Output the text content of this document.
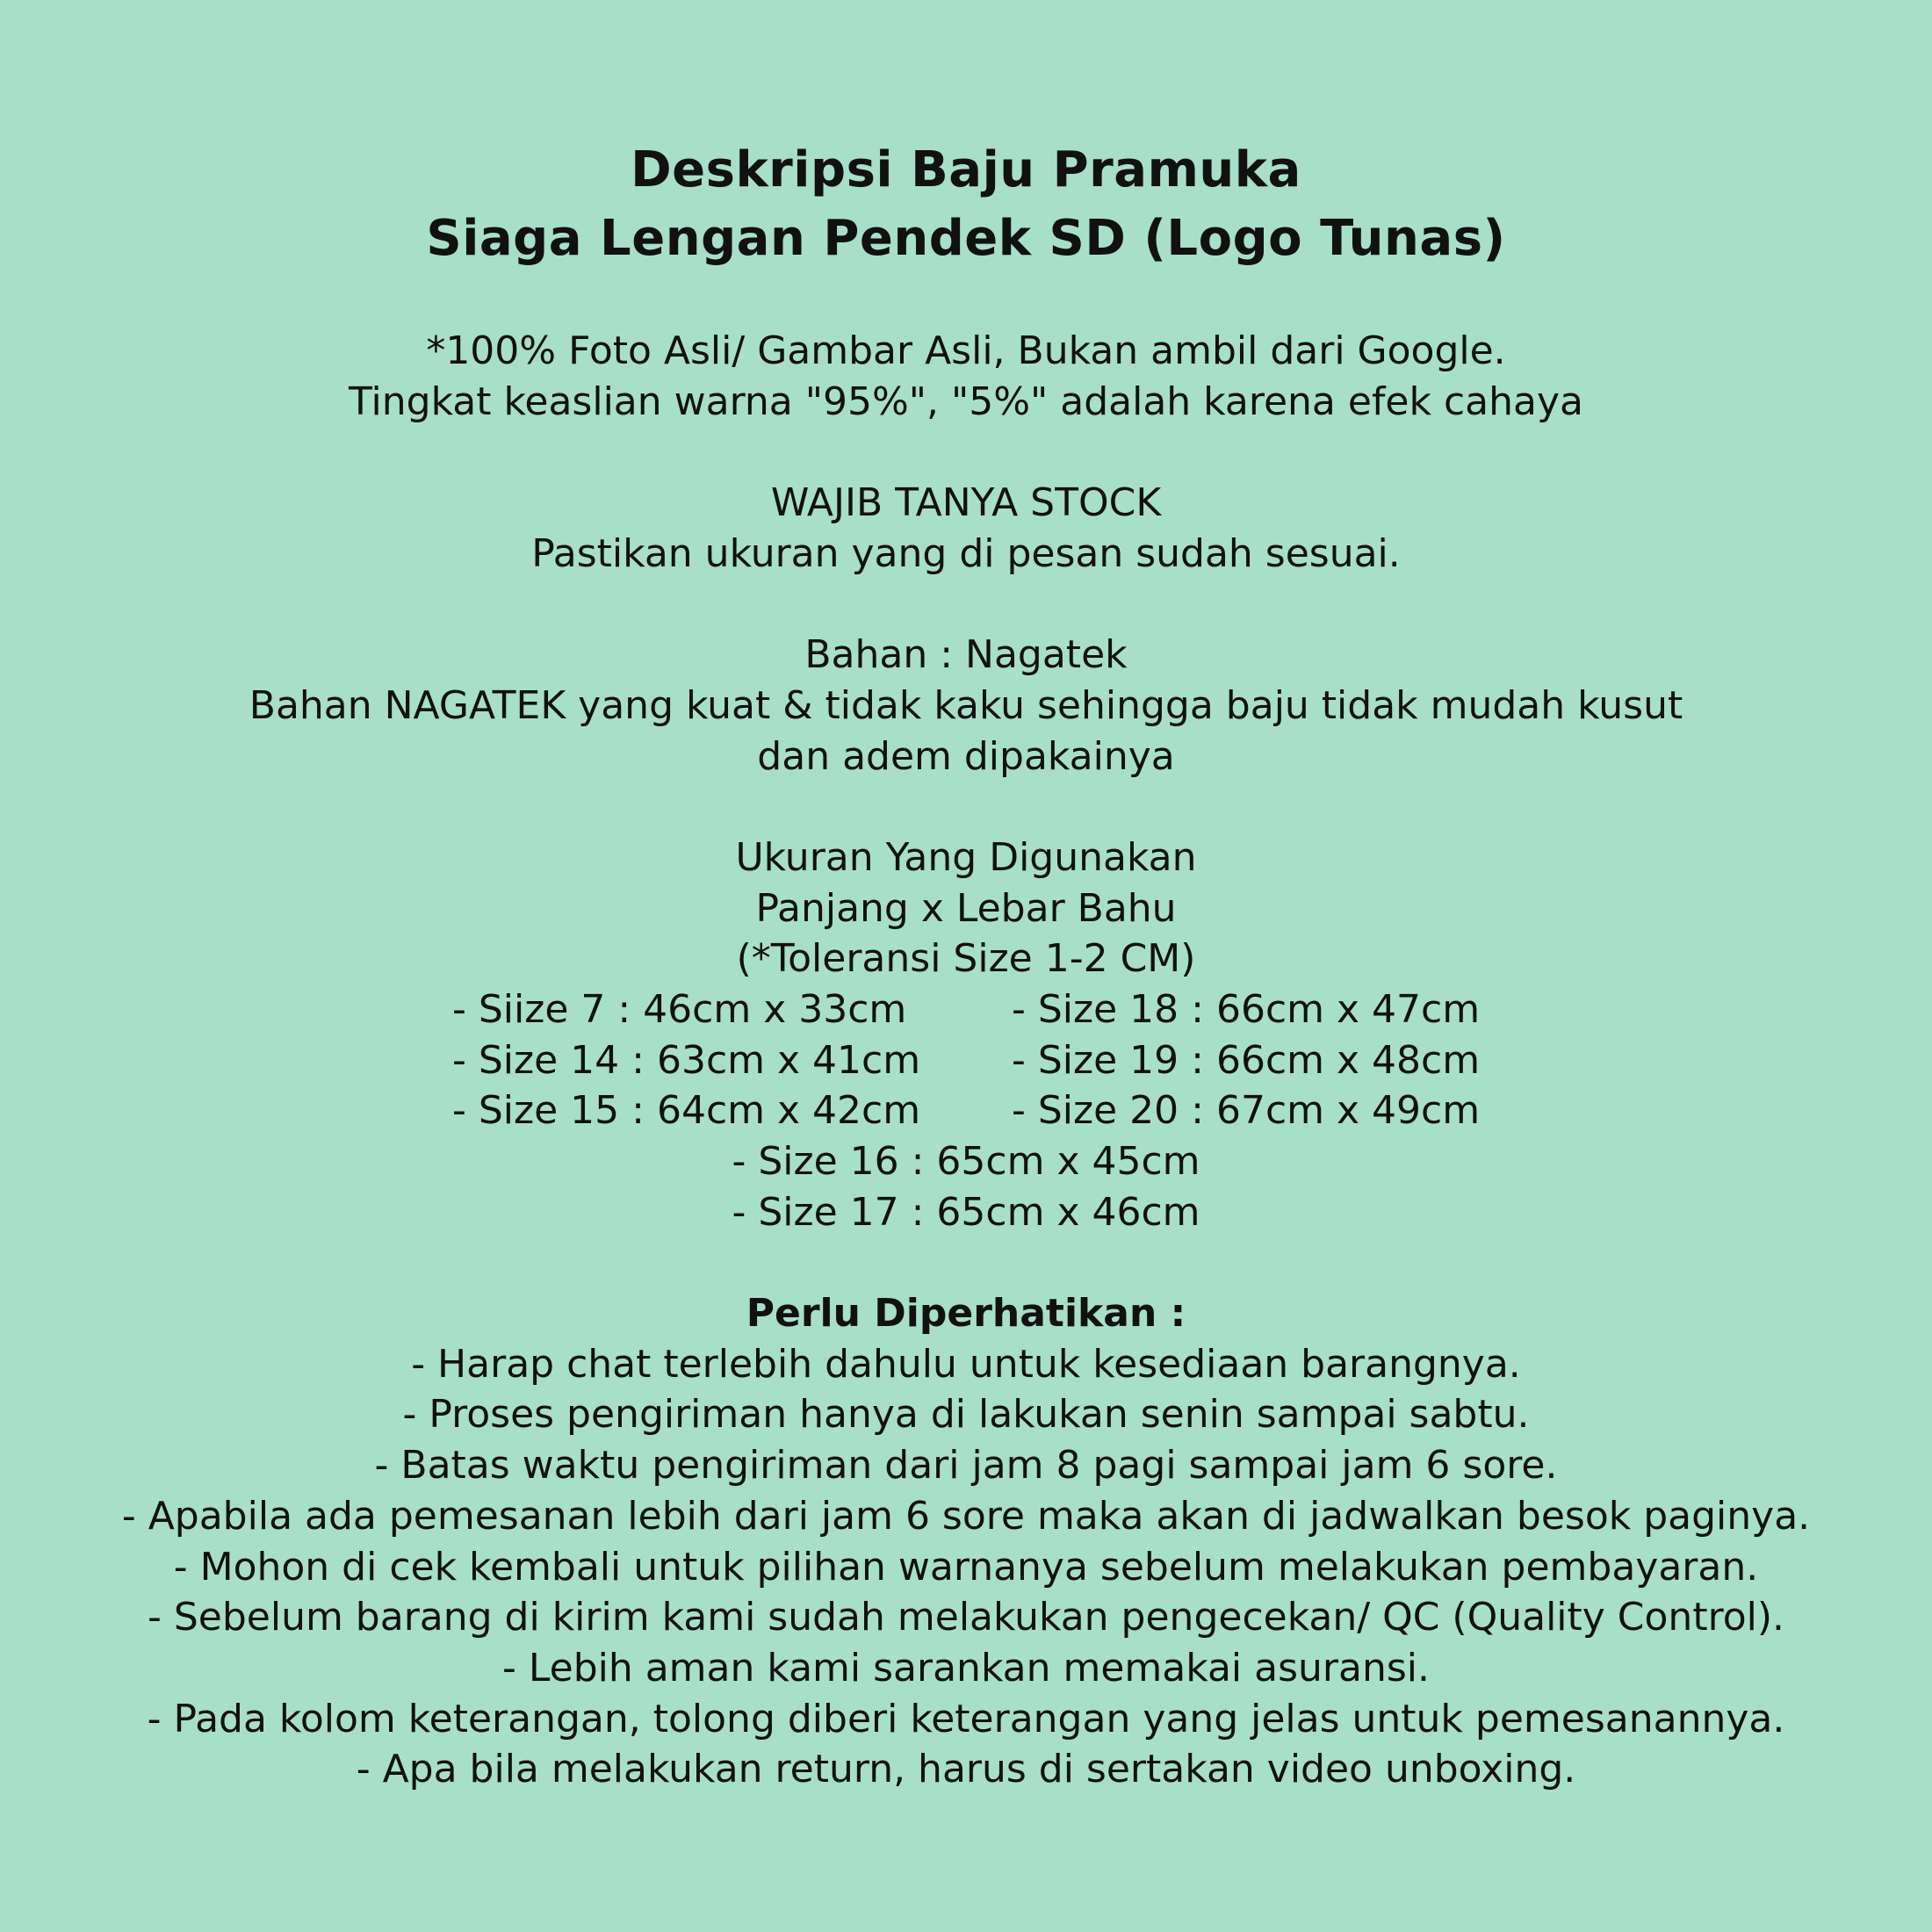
Deskripsi Baju Pramuka
Siaga Lengan Pendek SD (Logo Tunas)
*100% Foto Asli/ Gambar Asli, Bukan ambil dari Google.
Tingkat keaslian warna "95%", "5%" adalah karena efek cahaya
WAJIB TANYA STOCK
Pastikan ukuran yang di pesan sudah sesuai.
Bahan : Nagatek
Bahan NAGATEK yang kuat & tidak kaku sehingga baju tidak mudah kusut
dan adem dipakainya
Ukuran Yang Digunakan
Panjang x Lebar Bahu
(*Toleransi Size 1-2 CM)
- Siize 7 : 46cm x 33cm	- Size 18 : 66cm x 47cm
- Size 14 : 63cm x 41cm - Size 19 : 66cm x 48cm
- Size 15 : 64cm x 42cm - Size 20 : 67cm x 49cm
- Size 16 : 65cm x 45cm
- Size 17 : 65cm x 46cm
Perlu Diperhatikan :
- Harap chat terlebih dahulu untuk kesediaan barangnya.
- Proses pengiriman hanya di lakukan senin sampai sabtu.
- Batas waktu pengiriman dari jam 8 pagi sampai jam 6 sore.
- Apabila ada pemesanan lebih dari jam 6 sore maka akan di jadwalkan besok paginya.
- Mohon di cek kembali untuk pilihan warnanya sebelum melakukan pembayaran.
- Sebelum barang di kirim kami sudah melakukan pengecekan/ QC (Quality Control).
- Lebih aman kami sarankan memakai asuransi.
- Pada kolom keterangan, tolong diberi keterangan yang jelas untuk pemesanannya.
- Apa bila melakukan return, harus di sertakan video unboxing.
